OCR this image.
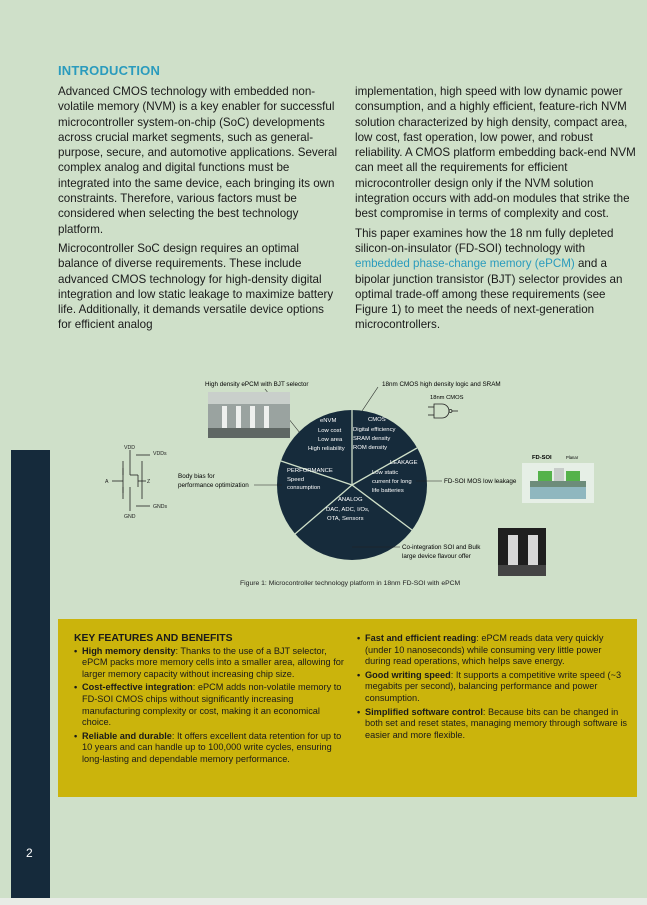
2
INTRODUCTION

Advanced CMOS technology with embedded non-volatile memory (NVM) is a key enabler for successful microcontroller system-on-chip (SoC) developments across crucial market segments, such as general-purpose, secure, and automotive applications. Several complex analog and digital functions must be integrated into the same device, each bringing its own constraints. Therefore, various factors must be considered when selecting the best technology platform.

Microcontroller SoC design requires an optimal balance of diverse requirements. These include advanced CMOS technology for high-density digital integration and low static leakage to maximize battery life. Additionally, it demands versatile device options for efficient analog

implementation, high speed with low dynamic power consumption, and a highly efficient, feature-rich NVM solution characterized by high density, compact area, low cost, fast operation, low power, and robust reliability. A CMOS platform embedding back-end NVM can meet all the requirements for efficient microcontroller design only if the NVM solution integration occurs with add-on modules that strike the best compromise in terms of complexity and cost.

This paper examines how the 18 nm fully depleted silicon-on-insulator (FD-SOI) technology with embedded phase-change memory (ePCM) and a bipolar junction transistor (BJT) selector provides an optimal trade-off among these requirements (see Figure 1) to meet the needs of next-generation microcontrollers.

High density ePCM with BJT selector	18nm CMOS high density logic and SRAM
18nm CMOS
eNVM
Low cost
Low area
High reliability
CMOS
Digital efficiency
SRAM density
ROM density
LEAKAGE
Low static
current for long
life batteries
ANALOG
DAC, ADC, I/Os,
OTA, Sensors
PERFORMANCE
Speed
consumption
VDD
VDDs
A	Z
GND
GNDs
Body bias for
performance optimization
FD-SOI MOS low leakage
FD-SOI	Planar
Co-integration SOI and Bulk
large device flavour offer
Figure 1: Microcontroller technology platform in 18nm FD-SOI with ePCM
KEY FEATURES AND BENEFITS
• High memory density: Thanks to the use of a BJT selector, ePCM packs more memory cells into a smaller area, allowing for larger memory capacity without increasing chip size.
• Cost-effective integration: ePCM adds non-volatile memory to FD-SOI CMOS chips without significantly increasing manufacturing complexity or cost, making it an economical choice.
• Reliable and durable: It offers excellent data retention for up to 10 years and can handle up to 100,000 write cycles, ensuring long-lasting and dependable memory performance.
• Fast and efficient reading: ePCM reads data very quickly (under 10 nanoseconds) while consuming very little power during read operations, which helps save energy.
• Good writing speed: It supports a competitive write speed (~3 megabits per second), balancing performance and power consumption.
• Simplified software control: Because bits can be changed in both set and reset states, managing memory through software is easier and more flexible.
